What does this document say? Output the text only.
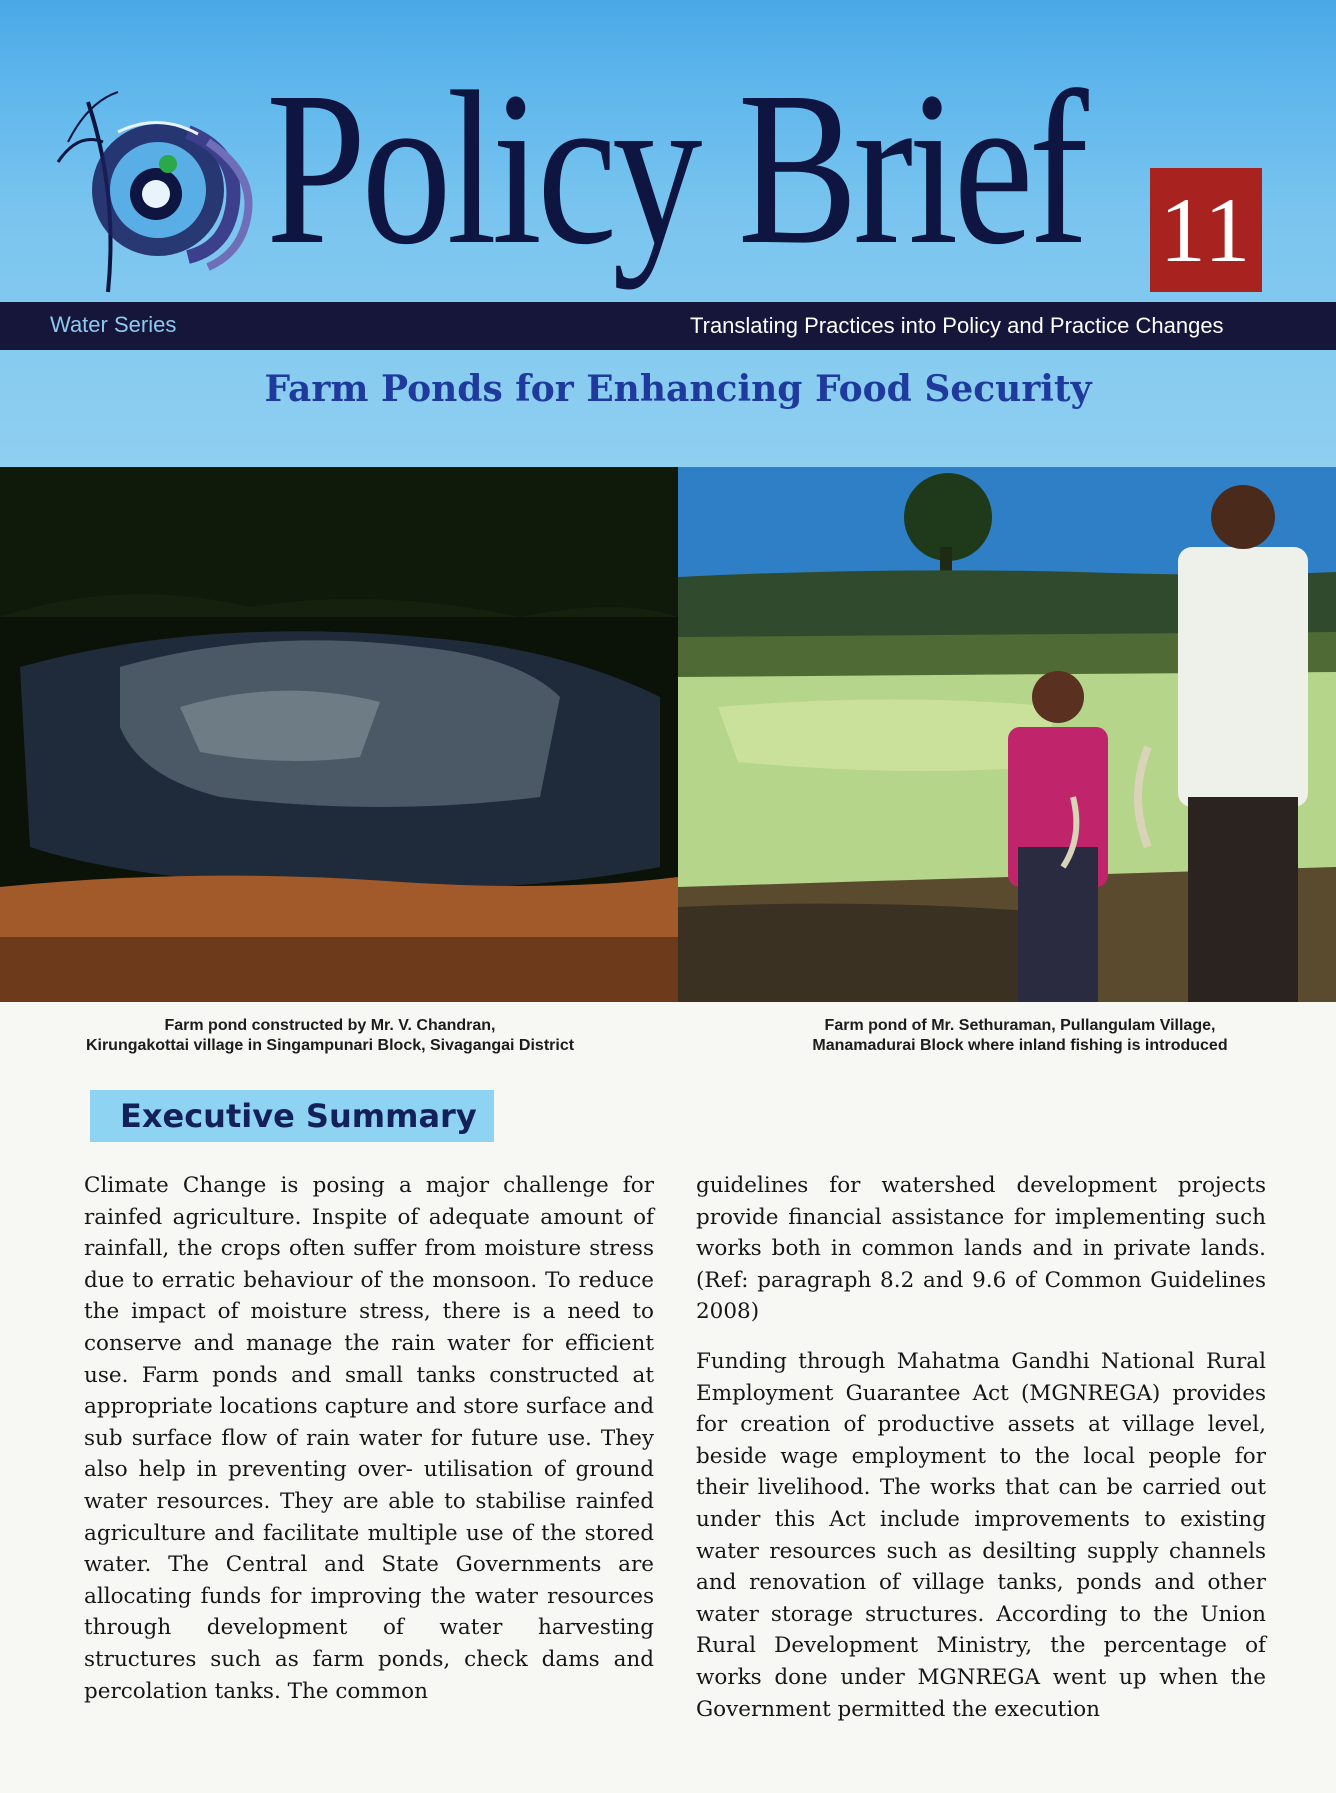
Policy Brief 11
Water Series	Translating Practices into Policy and Practice Changes
Farm Ponds for Enhancing Food Security
Farm pond constructed by Mr. V. Chandran,
Kirungakottai village in Singampunari Block, Sivagangai District
Farm pond of Mr. Sethuraman, Pullangulam Village,
Manamadurai Block where inland fishing is introduced
Executive Summary

Climate Change is posing a major challenge for rainfed agriculture. Inspite of adequate amount of rainfall, the crops often suffer from moisture stress due to erratic behaviour of the monsoon. To reduce the impact of moisture stress, there is a need to conserve and manage the rain water for efficient use. Farm ponds and small tanks constructed at appropriate locations capture and store surface and sub surface flow of rain water for future use. They also help in preventing over- utilisation of ground water resources. They are able to stabilise rainfed agriculture and facilitate multiple use of the stored water. The Central and State Governments are allocating funds for improving the water resources through development of water harvesting structures such as farm ponds, check dams and percolation tanks. The common

guidelines for watershed development projects provide financial assistance for implementing such works both in common lands and in private lands. (Ref: paragraph 8.2 and 9.6 of Common Guidelines 2008)

Funding through Mahatma Gandhi National Rural Employment Guarantee Act (MGNREGA) provides for creation of productive assets at village level, beside wage employment to the local people for their livelihood. The works that can be carried out under this Act include improvements to existing water resources such as desilting supply channels and renovation of village tanks, ponds and other water storage structures. According to the Union Rural Development Ministry, the percentage of works done under MGNREGA went up when the Government permitted the execution
